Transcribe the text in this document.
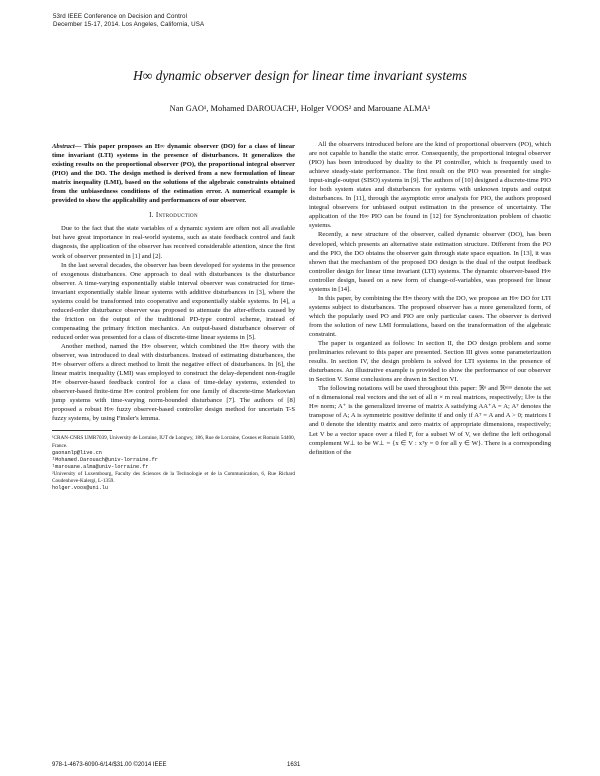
53rd IEEE Conference on Decision and Control
December 15-17, 2014. Los Angeles, California, USA
H∞ dynamic observer design for linear time invariant systems
Nan GAO¹, Mohamed DAROUACH¹, Holger VOOS² and Marouane ALMA¹
Abstract— This paper proposes an H∞ dynamic observer (DO) for a class of linear time invariant (LTI) systems in the presence of disturbances. It generalizes the existing results on the proportional observer (PO), the proportional integral observer (PIO) and the DO. The design method is derived from a new formulation of linear matrix inequality (LMI), based on the solutions of the algebraic constraints obtained from the unbiasedness conditions of the estimation error. A numerical example is provided to show the applicability and performances of our observer.
I. Introduction

Due to the fact that the state variables of a dynamic system are often not all available but have great importance in real-world systems, such as state feedback control and fault diagnosis, the application of the observer has received considerable attention, since the first work of observer presented in [1] and [2].

In the last several decades, the observer has been developed for systems in the presence of exogenous disturbances. One approach to deal with disturbances is the disturbance observer. A time-varying exponentially stable interval observer was constructed for time-invariant exponentially stable linear systems with additive disturbances in [3], where the systems could be transformed into cooperative and exponentially stable systems. In [4], a reduced-order disturbance observer was proposed to attenuate the after-effects caused by the friction on the output of the traditional PD-type control scheme, instead of compensating the primary friction mechanics. An output-based disturbance observer of reduced order was presented for a class of discrete-time linear systems in [5].

Another method, named the H∞ observer, which combined the H∞ theory with the observer, was introduced to deal with disturbances. Instead of estimating disturbances, the H∞ observer offers a direct method to limit the negative effect of disturbances. In [6], the linear matrix inequality (LMI) was employed to construct the delay-dependent non-fragile H∞ observer-based feedback control for a class of time-delay systems, extended to observer-based finite-time H∞ control problem for one family of discrete-time Markovian jump systems with time-varying norm-bounded disturbance [7]. The authors of [8] proposed a robust H∞ fuzzy observer-based controller design method for uncertain T-S fuzzy systems, by using Finsler's lemma.

¹CRAN-CNRS UMR7039, University de Lorraine, IUT de Longwy, 186, Rue de Lorraine, Cosnes et Romain 54400, France.
gaonanlp@live.cn
¹Mohamed.Darouach@univ-lorraine.fr
¹marouane.alma@univ-lorraine.fr
²University of Luxembourg, Faculty des Sciences de la Technologie et de la Communication, 6, Rue Richard Coudenhove-Kalergi, L-1359.
holger.voos@uni.lu

All the observers introduced before are the kind of proportional observers (PO), which are not capable to handle the static error. Consequently, the proportional integral observer (PIO) has been introduced by duality to the PI controller, which is frequently used to achieve steady-state performance. The first result on the PIO was presented for single-input-single-output (SISO) systems in [9]. The authors of [10] designed a discrete-time PIO for both system states and disturbances for systems with unknown inputs and output disturbances. In [11], through the asymptotic error analysis for PIO, the authors proposed integral observers for unbiased output estimation in the presence of uncertainty. The application of the H∞ PIO can be found in [12] for Synchronization problem of chaotic systems.

Recently, a new structure of the observer, called dynamic observer (DO), has been developed, which presents an alternative state estimation structure. Different from the PO and the PIO, the DO obtains the observer gain through state space equation. In [13], it was shown that the mechanism of the proposed DO design is the dual of the output feedback controller design for linear time invariant (LTI) systems. The dynamic observer-based H∞ controller design, based on a new form of change-of-variables, was proposed for linear systems in [14].

In this paper, by combining the H∞ theory with the DO, we propose an H∞ DO for LTI systems subject to disturbances. The proposed observer has a more generalized form, of which the popularly used PO and PIO are only particular cases. The observer is derived from the solution of new LMI formulations, based on the transformation of the algebraic constraint.

The paper is organized as follows: In section II, the DO design problem and some preliminaries relevant to this paper are presented. Section III gives some parameterization results. In section IV, the design problem is solved for LTI systems in the presence of disturbances. An illustrative example is provided to show the performance of our observer in Section V. Some conclusions are drawn in Section VI.

The following notations will be used throughout this paper: ℜⁿ and ℜⁿˣᵐ denote the set of n dimensional real vectors and the set of all n × m real matrices, respectively; ‖.‖∞ is the H∞ norm; A⁺ is the generalized inverse of matrix A satisfying AA⁺A = A; Aᵀ denotes the transpose of A; A is symmetric positive definite if and only if Aᵀ = A and A > 0; matrices I and 0 denote the identity matrix and zero matrix of appropriate dimensions, respectively; Let V be a vector space over a filed F, for a subset W of V, we define the left orthogonal complement W⊥ to be W⊥ = {x ∈ V : xᵀy = 0 for all y ∈ W}. There is a corresponding definition of the

978-1-4673-6090-6/14/$31.00 ©2014 IEEE	1631
